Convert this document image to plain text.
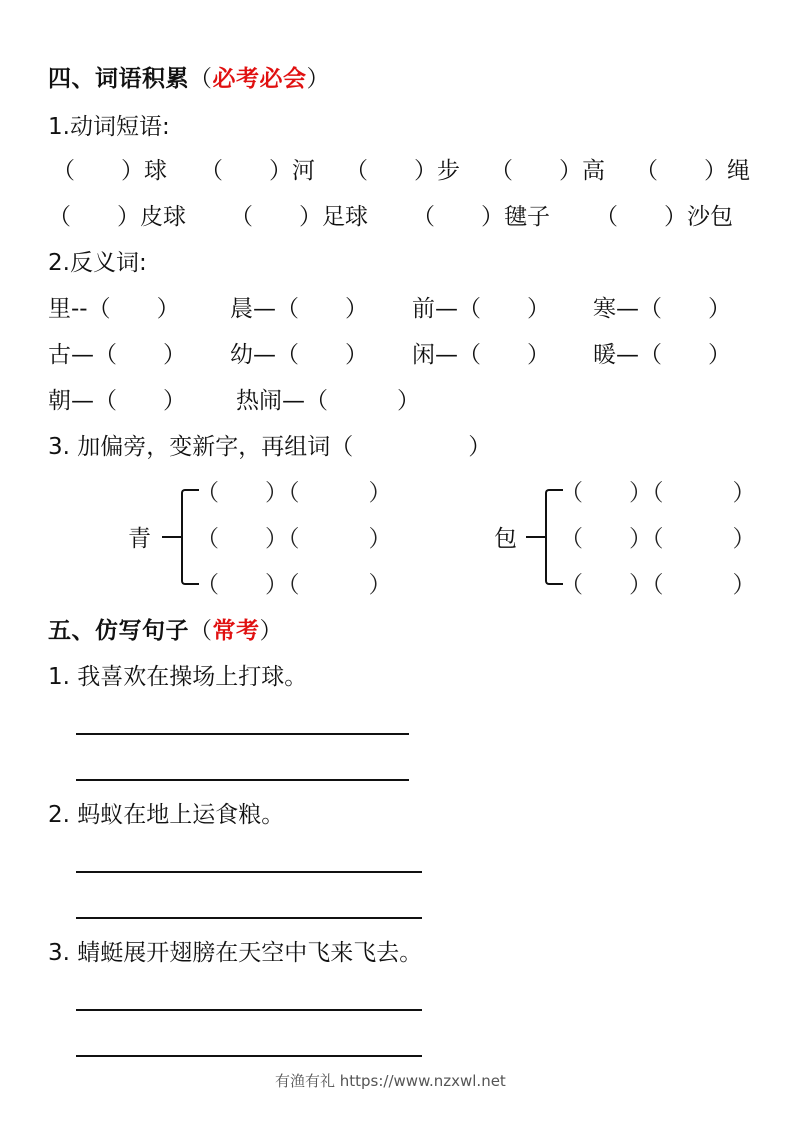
四、词语积累（必考必会）
1.动词短语:
（　　）球 （　　）河 （　　）步 （　　）高 （　　）绳
（　　）皮球 （　　）足球 （　　）毽子 （　　）沙包
2.反义词:
里--（　　） 晨—（　　） 前—（　　） 寒—（　　）
古—（　　） 幼—（　　） 闲—（　　） 暖—（　　）
朝—（　　） 热闹—（　　　）
3. 加偏旁，变新字，再组词（　　　　　）
青
（　　）（　　　）
（　　）（　　　）
（　　）（　　　）
包
（　　）（　　　）
（　　）（　　　）
（　　）（　　　）
五、仿写句子（常考）
1. 我喜欢在操场上打球。
2. 蚂蚁在地上运食粮。
3. 蜻蜓展开翅膀在天空中飞来飞去。
有渔有礼 https://www.nzxwl.net
